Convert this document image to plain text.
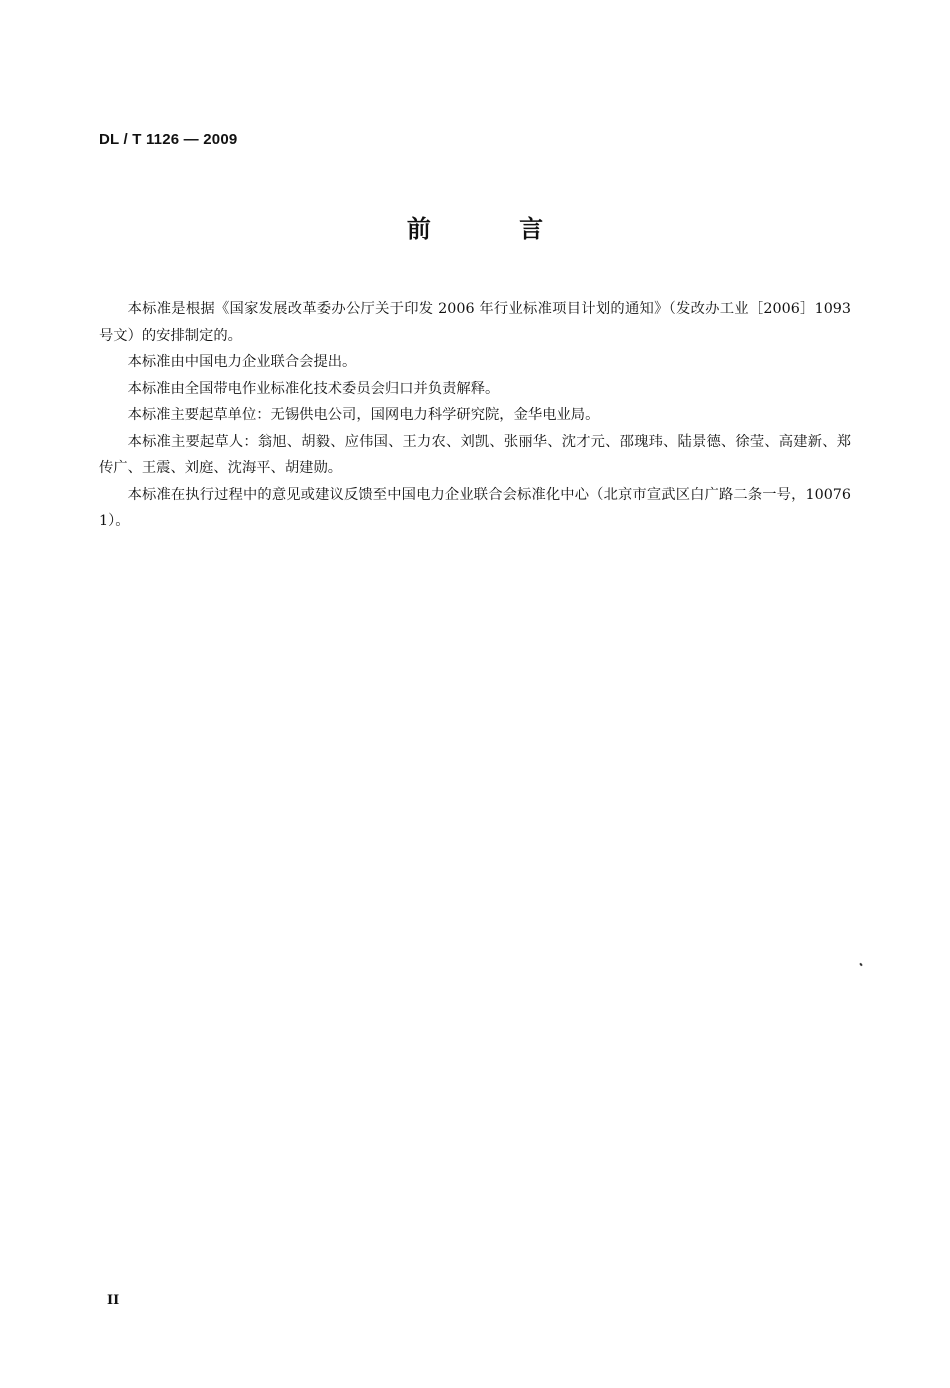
DL / T 1126 — 2009
前 言

本标准是根据《国家发展改革委办公厅关于印发 2006 年行业标准项目计划的通知》（发改办工业［2006］1093 号文）的安排制定的。

本标准由中国电力企业联合会提出。

本标准由全国带电作业标准化技术委员会归口并负责解释。

本标准主要起草单位：无锡供电公司，国网电力科学研究院，金华电业局。

本标准主要起草人：翁旭、胡毅、应伟国、王力农、刘凯、张丽华、沈才元、邵瑰玮、陆景德、徐莹、高建新、郑传广、王震、刘庭、沈海平、胡建勋。

本标准在执行过程中的意见或建议反馈至中国电力企业联合会标准化中心（北京市宣武区白广路二条一号，100761）。

II
